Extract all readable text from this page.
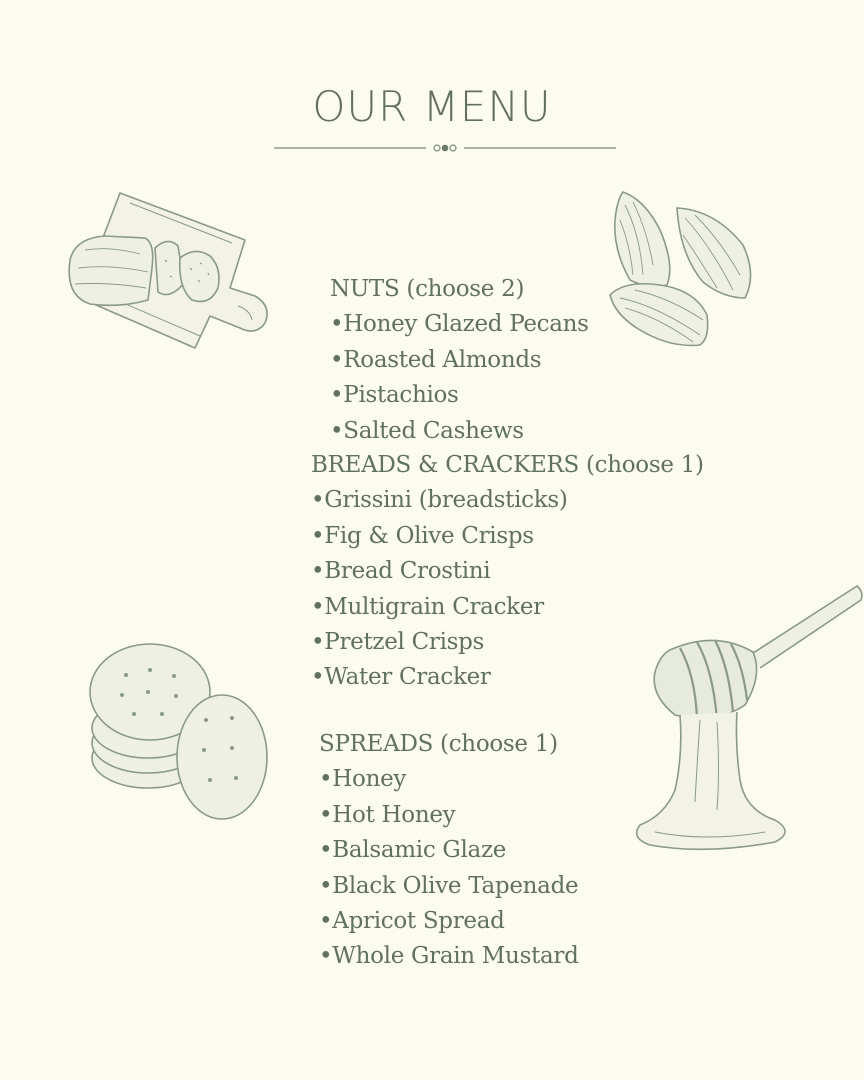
OUR MENU
NUTS (choose 2)
•Honey Glazed Pecans
•Roasted Almonds
•Pistachios
•Salted Cashews
BREADS & CRACKERS (choose 1)
•Grissini (breadsticks)
•Fig & Olive Crisps
•Bread Crostini
•Multigrain Cracker
•Pretzel Crisps
•Water Cracker
SPREADS (choose 1)
•Honey
•Hot Honey
•Balsamic Glaze
•Black Olive Tapenade
•Apricot Spread
•Whole Grain Mustard
